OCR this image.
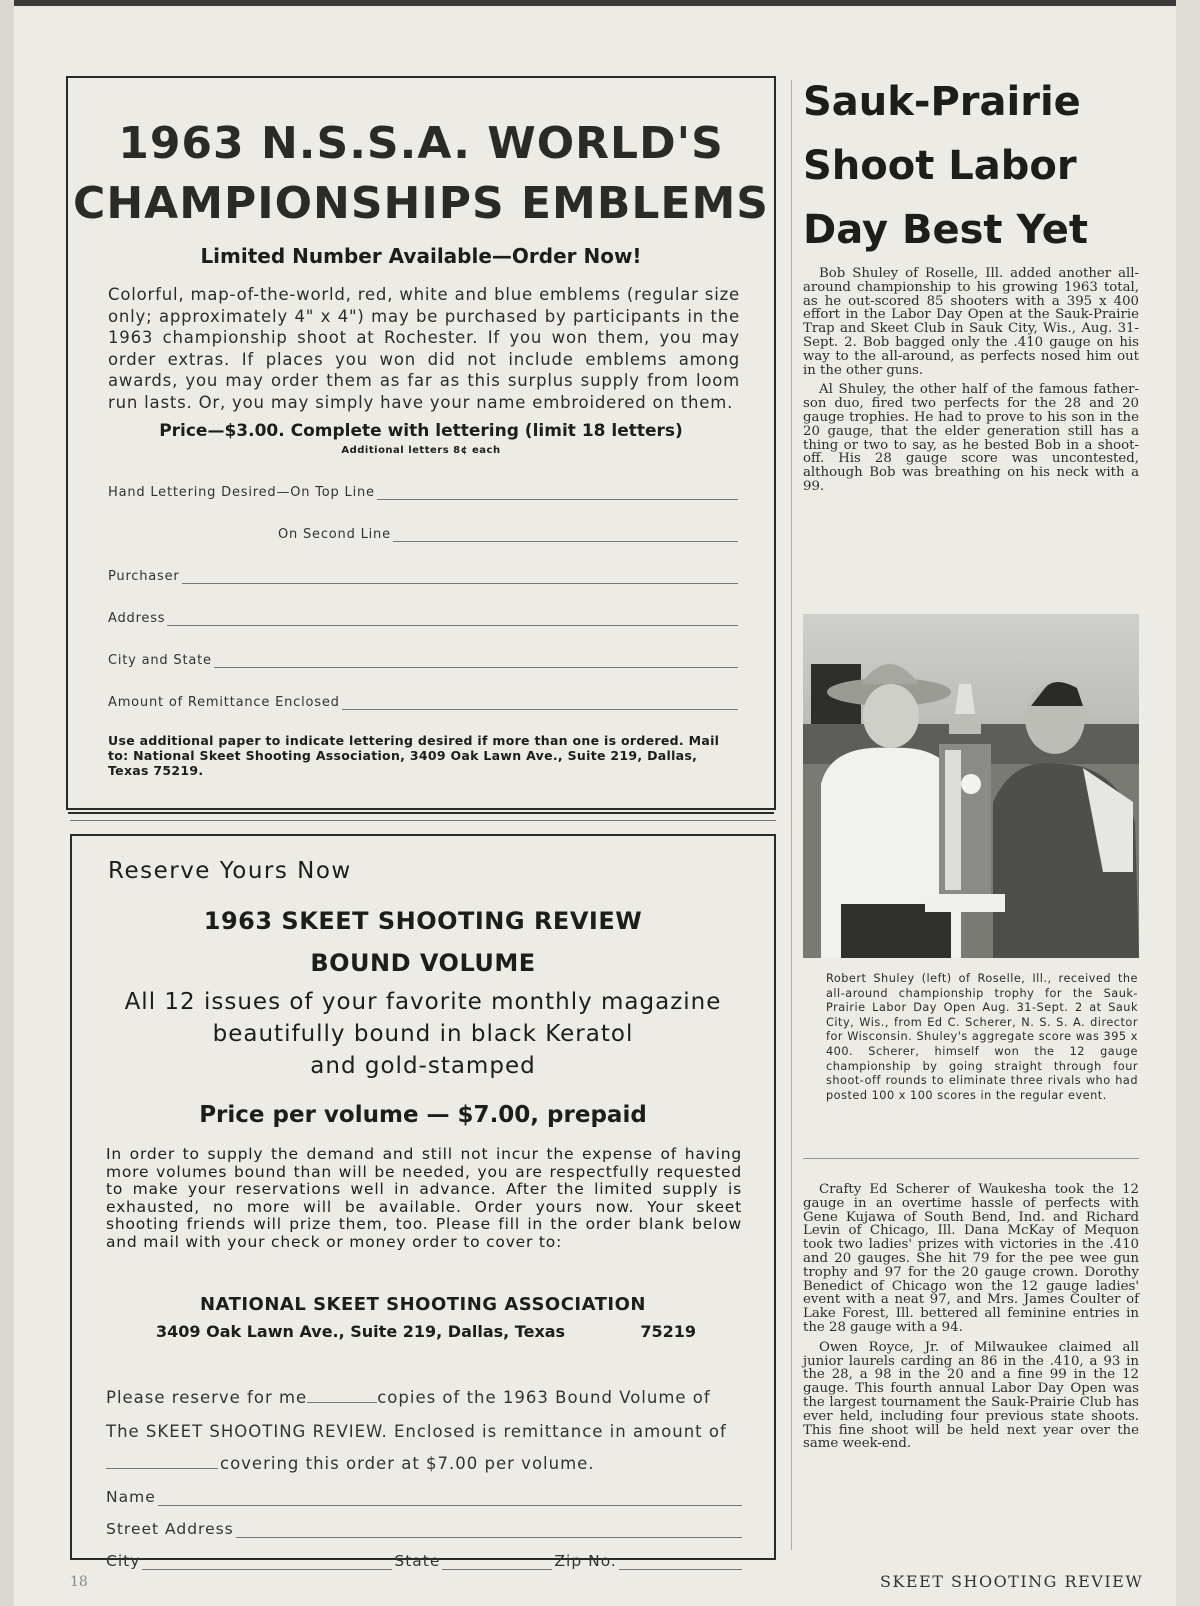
1963 N.S.S.A. WORLD'S
CHAMPIONSHIPS EMBLEMS
Limited Number Available—Order Now!
Colorful, map-of-the-world, red, white and blue emblems (regular size only; approximately 4" x 4") may be purchased by participants in the 1963 championship shoot at Rochester. If you won them, you may order extras. If places you won did not include emblems among awards, you may order them as far as this surplus supply from loom run lasts. Or, you may simply have your name embroidered on them.
Price—$3.00. Complete with lettering (limit 18 letters)
Additional letters 8¢ each
Hand Lettering Desired—On Top Line
On Second Line
Purchaser
Address
City and State
Amount of Remittance Enclosed
Use additional paper to indicate lettering desired if more than one is ordered. Mail to: National Skeet Shooting Association, 3409 Oak Lawn Ave., Suite 219, Dallas, Texas 75219.
Reserve Yours Now
1963 SKEET SHOOTING REVIEW
BOUND VOLUME
All 12 issues of your favorite monthly magazine
beautifully bound in black Keratol
and gold-stamped
Price per volume — $7.00, prepaid
In order to supply the demand and still not incur the expense of having more volumes bound than will be needed, you are respectfully requested to make your reservations well in advance. After the limited supply is exhausted, no more will be available. Order yours now. Your skeet shooting friends will prize them, too. Please fill in the order blank below and mail with your check or money order to cover to:
NATIONAL SKEET SHOOTING ASSOCIATION
3409 Oak Lawn Ave., Suite 219, Dallas, Texas	75219
Please reserve for me	copies of the 1963 Bound Volume of
The SKEET SHOOTING REVIEW. Enclosed is remittance in amount of
covering this order at $7.00 per volume.
Name
Street Address
City	State	Zip No.
Sauk-Prairie
Shoot Labor
Day Best Yet

Bob Shuley of Roselle, Ill. added another all-around championship to his growing 1963 total, as he out-scored 85 shooters with a 395 x 400 effort in the Labor Day Open at the Sauk-Prairie Trap and Skeet Club in Sauk City, Wis., Aug. 31-Sept. 2. Bob bagged only the .410 gauge on his way to the all-around, as perfects nosed him out in the other guns.

Al Shuley, the other half of the famous father-son duo, fired two perfects for the 28 and 20 gauge trophies. He had to prove to his son in the 20 gauge, that the elder generation still has a thing or two to say, as he bested Bob in a shoot-off. His 28 gauge score was uncontested, although Bob was breathing on his neck with a 99.

Robert Shuley (left) of Roselle, Ill., received the all-around championship trophy for the Sauk-Prairie Labor Day Open Aug. 31-Sept. 2 at Sauk City, Wis., from Ed C. Scherer, N. S. S. A. director for Wisconsin. Shuley's aggregate score was 395 x 400. Scherer, himself won the 12 gauge championship by going straight through four shoot-off rounds to eliminate three rivals who had posted 100 x 100 scores in the regular event.

Crafty Ed Scherer of Waukesha took the 12 gauge in an overtime hassle of perfects with Gene Kujawa of South Bend, Ind. and Richard Levin of Chicago, Ill. Dana McKay of Mequon took two ladies' prizes with victories in the .410 and 20 gauges. She hit 79 for the pee wee gun trophy and 97 for the 20 gauge crown. Dorothy Benedict of Chicago won the 12 gauge ladies' event with a neat 97, and Mrs. James Coulter of Lake Forest, Ill. bettered all feminine entries in the 28 gauge with a 94.

Owen Royce, Jr. of Milwaukee claimed all junior laurels carding an 86 in the .410, a 93 in the 28, a 98 in the 20 and a fine 99 in the 12 gauge. This fourth annual Labor Day Open was the largest tournament the Sauk-Prairie Club has ever held, including four previous state shoots. This fine shoot will be held next year over the same week-end.

18	SKEET SHOOTING REVIEW
